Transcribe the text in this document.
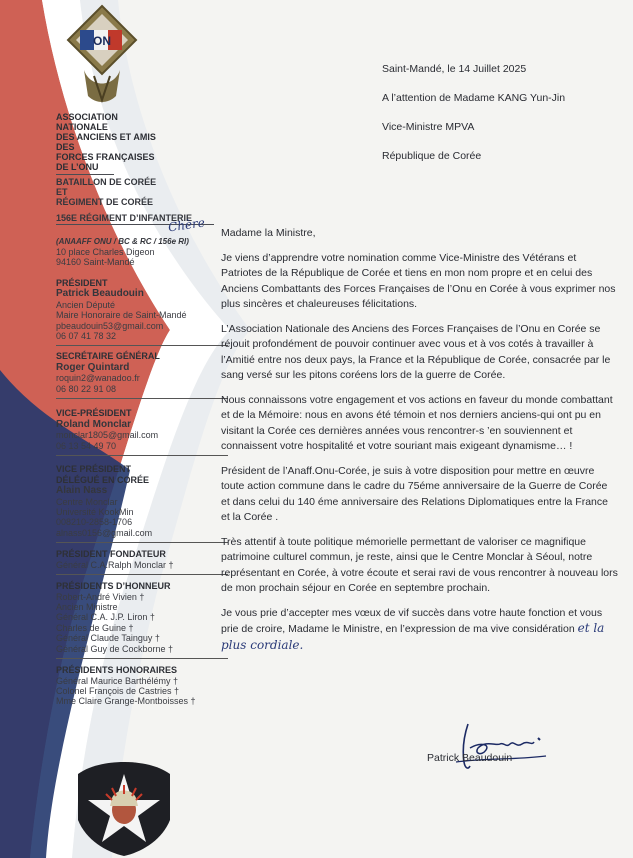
ON
ASSOCIATION
NATIONALE
DES ANCIENS ET AMIS
DES
FORCES FRANÇAISES
DE L’ONU
BATAILLON DE CORÉE
ET
RÉGIMENT DE CORÉE
156E RÉGIMENT D’INFANTERIE
(ANAAFF ONU / BC & RC / 156e RI)
10 place Charles Digeon
94160 Saint-Mandé
PRÉSIDENT
Patrick Beaudouin
Ancien Député
Maire Honoraire de Saint-Mandé
pbeaudouin53@gmail.com
06 07 41 78 32
SECRÉTAIRE GÉNÉRAL
Roger Quintard
roquin2@wanadoo.fr
06 80 22 91 08
VICE-PRÉSIDENT
Roland Monclar
monclar1805@gmail.com
06 13 54 49 70
VICE PRÉSIDENT
DÉLÉGUÉ EN CORÉE
Alain Nass
Centre Monclar
Université KookMin
008210-2858-1706
alnass0156@gmail.com
PRÉSIDENT FONDATEUR
Général C.A.Ralph Monclar †
PRÉSIDENTS D’HONNEUR
Robert-André Vivien †
Ancien Ministre
Général C.A. J.P. Liron †
Charles de Guine †
Général Claude Tainguy †
Général Guy de Cockborne †
PRÉSIDENTS HONORAIRES
Général Maurice Barthélémy †
Colonel François de Castries †
Mme Claire Grange-Montboisses †
Saint-Mandé, le 14 Juillet 2025
A l’attention de Madame KANG Yun-Jin
Vice-Ministre MPVA
République de Corée
Chère Madame la Ministre,

Je viens d’apprendre votre nomination comme Vice-Ministre des Vétérans et Patriotes de la République de Corée et tiens en mon nom propre et en celui des Anciens Combattants des Forces Françaises de l’Onu en Corée à vous exprimer nos plus sincères et chaleureuses félicitations.

L’Association Nationale des Anciens des Forces Françaises de l’Onu en Corée se réjouit profondément de pouvoir continuer avec vous et à vos cotés à travailler à l’Amitié entre nos deux pays, la France et la République de Corée, consacrée par le sang versé sur les pitons coréens lors de la guerre de Corée.

Nous connaissons votre engagement et vos actions en faveur du monde combattant et de la Mémoire: nous en avons été témoin et nos derniers anciens-qui ont pu en visitant la Corée ces dernières années vous rencontrer-s ’en souviennent et connaissent votre hospitalité et votre souriant mais exigeant dynamisme… !

Président de l’Anaff.Onu-Corée, je suis à votre disposition pour mettre en œuvre toute action commune dans le cadre du 75éme anniversaire de la Guerre de Corée et dans celui du 140 éme anniversaire des Relations Diplomatiques entre la France et la Corée .

Très attentif à toute politique mémorielle permettant de valoriser ce magnifique patrimoine culturel commun, je reste, ainsi que le Centre Monclar à Séoul, notre représentant en Corée, à votre écoute et serai ravi de vous rencontrer à nouveau lors de mon prochain séjour en Corée en septembre prochain.

Je vous prie d’accepter mes vœux de vif succès dans votre haute fonction et vous prie de croire, Madame le Ministre, en l’expression de ma vive considération et la plus cordiale.

Patrick Beaudouin
